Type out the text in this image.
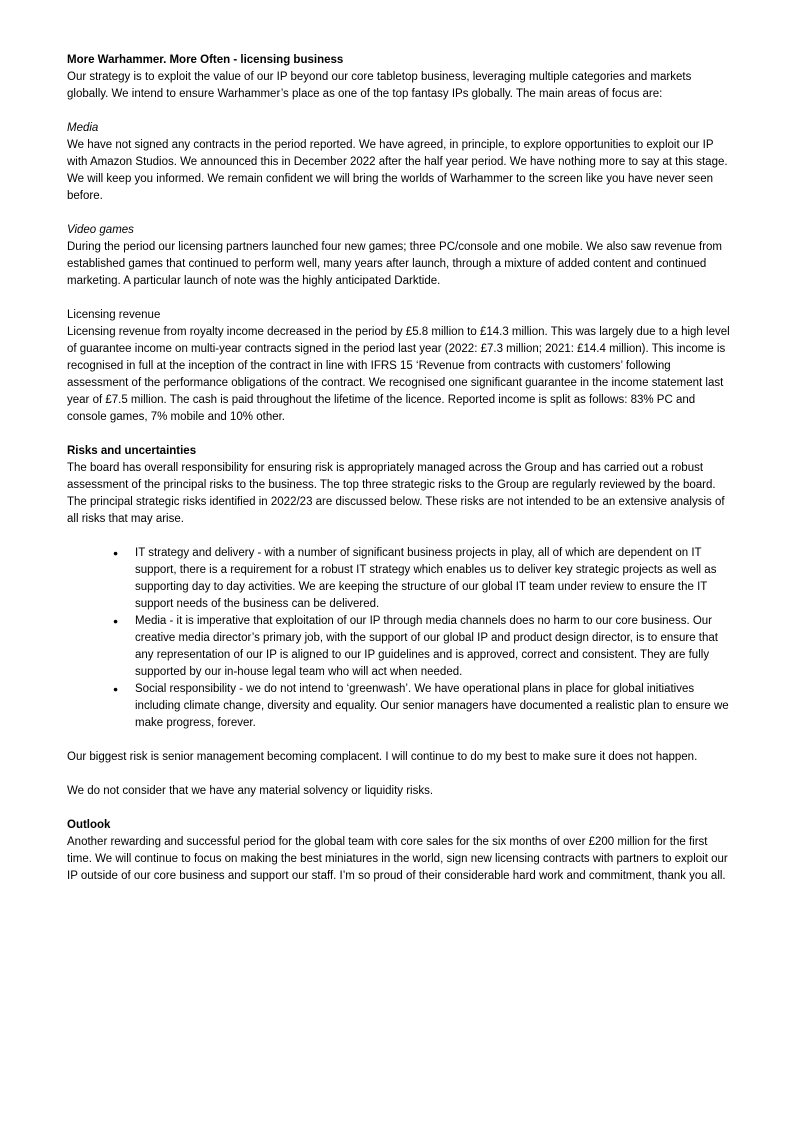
More Warhammer. More Often - licensing business

Our strategy is to exploit the value of our IP beyond our core tabletop business, leveraging multiple categories and markets globally. We intend to ensure Warhammer’s place as one of the top fantasy IPs globally. The main areas of focus are:

Media

We have not signed any contracts in the period reported. We have agreed, in principle, to explore opportunities to exploit our IP with Amazon Studios. We announced this in December 2022 after the half year period. We have nothing more to say at this stage. We will keep you informed. We remain confident we will bring the worlds of Warhammer to the screen like you have never seen before.

Video games

During the period our licensing partners launched four new games; three PC/console and one mobile. We also saw revenue from established games that continued to perform well, many years after launch, through a mixture of added content and continued marketing. A particular launch of note was the highly anticipated Darktide.

Licensing revenue

Licensing revenue from royalty income decreased in the period by £5.8 million to £14.3 million. This was largely due to a high level of guarantee income on multi-year contracts signed in the period last year (2022: £7.3 million; 2021: £14.4 million). This income is recognised in full at the inception of the contract in line with IFRS 15 ‘Revenue from contracts with customers’ following assessment of the performance obligations of the contract. We recognised one significant guarantee in the income statement last year of £7.5 million. The cash is paid throughout the lifetime of the licence. Reported income is split as follows: 83% PC and console games, 7% mobile and 10% other.

Risks and uncertainties

The board has overall responsibility for ensuring risk is appropriately managed across the Group and has carried out a robust assessment of the principal risks to the business. The top three strategic risks to the Group are regularly reviewed by the board. The principal strategic risks identified in 2022/23 are discussed below. These risks are not intended to be an extensive analysis of all risks that may arise.

● IT strategy and delivery - with a number of significant business projects in play, all of which are dependent on IT support, there is a requirement for a robust IT strategy which enables us to deliver key strategic projects as well as supporting day to day activities. We are keeping the structure of our global IT team under review to ensure the IT support needs of the business can be delivered.
● Media - it is imperative that exploitation of our IP through media channels does no harm to our core business. Our creative media director’s primary job, with the support of our global IP and product design director, is to ensure that any representation of our IP is aligned to our IP guidelines and is approved, correct and consistent. They are fully supported by our in-house legal team who will act when needed.
● Social responsibility - we do not intend to ‘greenwash’. We have operational plans in place for global initiatives including climate change, diversity and equality. Our senior managers have documented a realistic plan to ensure we make progress, forever.

Our biggest risk is senior management becoming complacent. I will continue to do my best to make sure it does not happen.

We do not consider that we have any material solvency or liquidity risks.

Outlook

Another rewarding and successful period for the global team with core sales for the six months of over £200 million for the first time. We will continue to focus on making the best miniatures in the world, sign new licensing contracts with partners to exploit our IP outside of our core business and support our staff. I’m so proud of their considerable hard work and commitment, thank you all.
